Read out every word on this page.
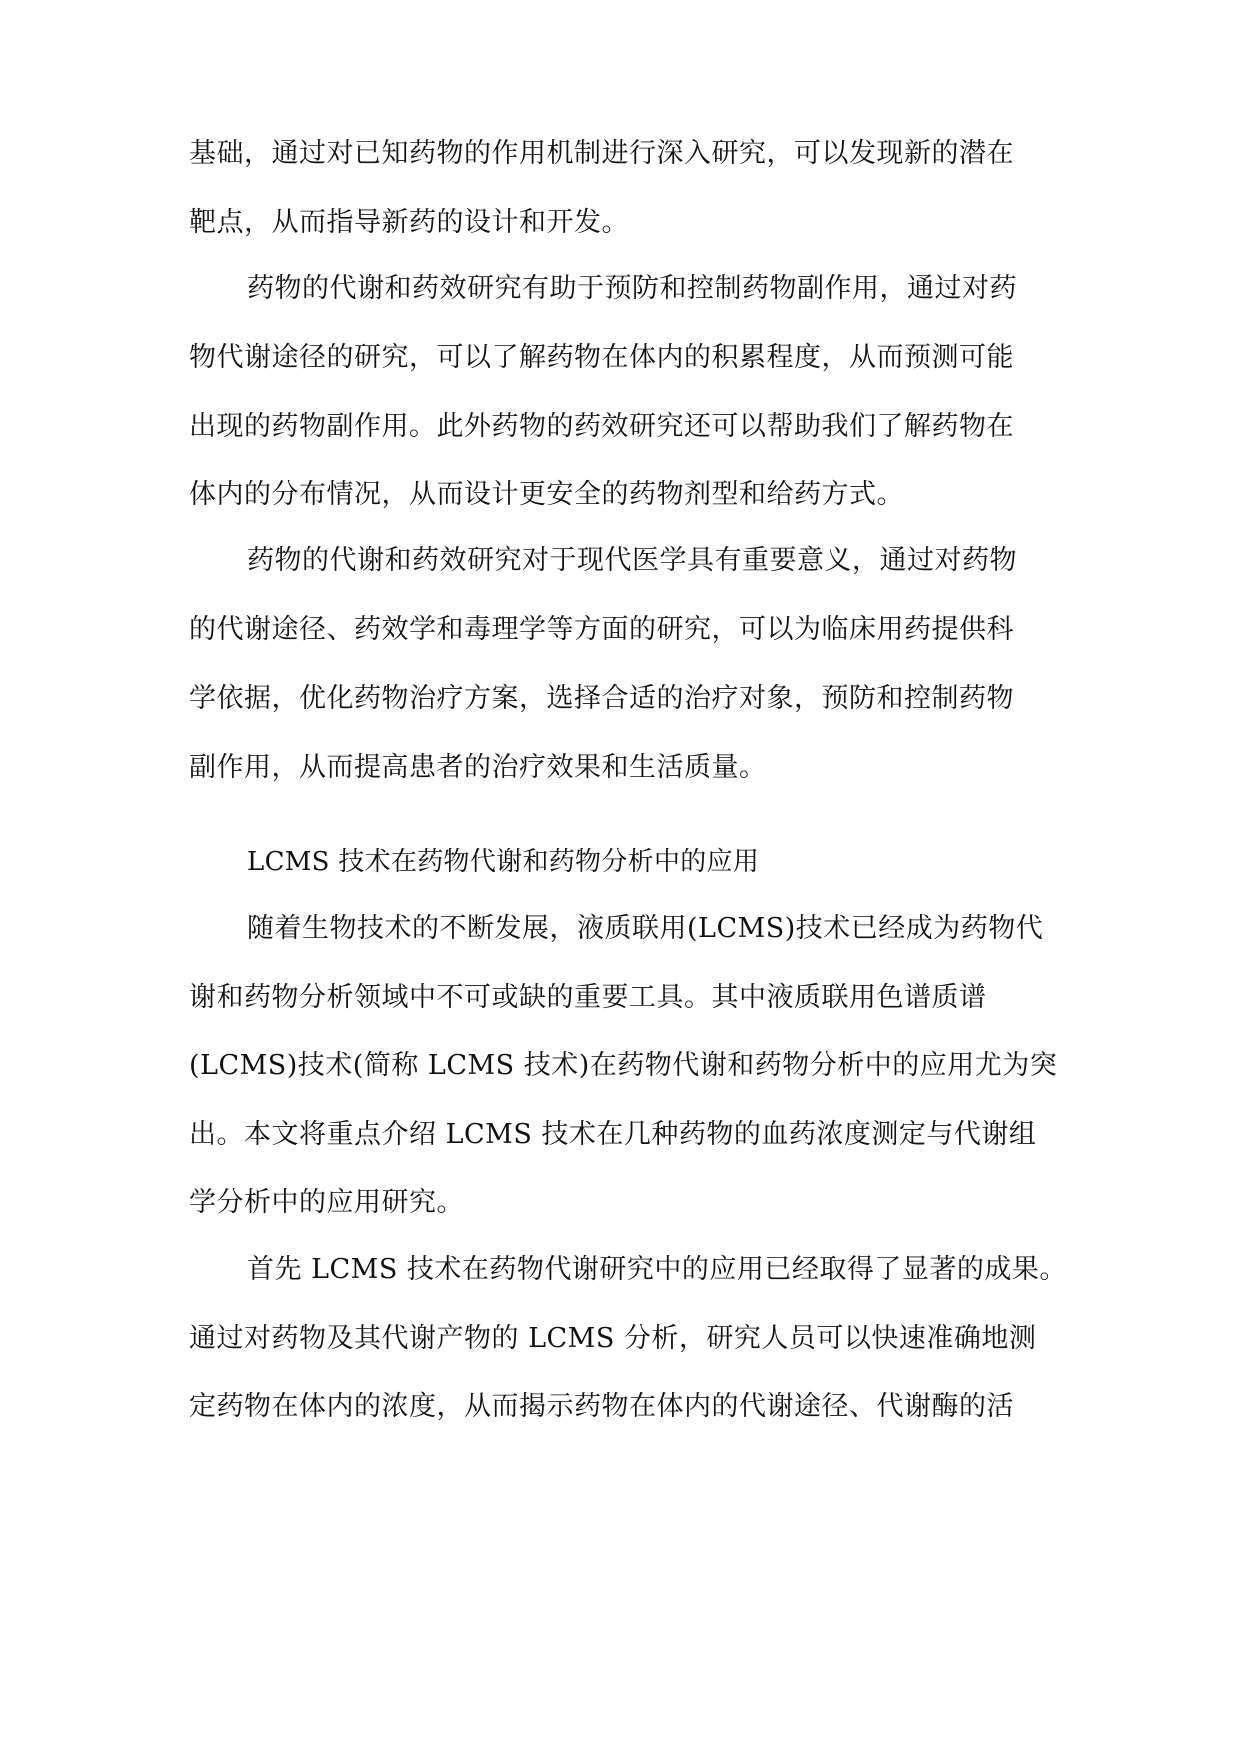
基础，通过对已知药物的作用机制进行深入研究，可以发现新的潜在
靶点，从而指导新药的设计和开发。
药物的代谢和药效研究有助于预防和控制药物副作用，通过对药
物代谢途径的研究，可以了解药物在体内的积累程度，从而预测可能
出现的药物副作用。此外药物的药效研究还可以帮助我们了解药物在
体内的分布情况，从而设计更安全的药物剂型和给药方式。
药物的代谢和药效研究对于现代医学具有重要意义，通过对药物
的代谢途径、药效学和毒理学等方面的研究，可以为临床用药提供科
学依据，优化药物治疗方案，选择合适的治疗对象，预防和控制药物
副作用，从而提高患者的治疗效果和生活质量。
LCMS 技术在药物代谢和药物分析中的应用
随着生物技术的不断发展，液质联用(LCMS)技术已经成为药物代
谢和药物分析领域中不可或缺的重要工具。其中液质联用色谱质谱
(LCMS)技术(简称 LCMS 技术)在药物代谢和药物分析中的应用尤为突
出。本文将重点介绍 LCMS 技术在几种药物的血药浓度测定与代谢组
学分析中的应用研究。
首先 LCMS 技术在药物代谢研究中的应用已经取得了显著的成果。
通过对药物及其代谢产物的 LCMS 分析，研究人员可以快速准确地测
定药物在体内的浓度，从而揭示药物在体内的代谢途径、代谢酶的活
